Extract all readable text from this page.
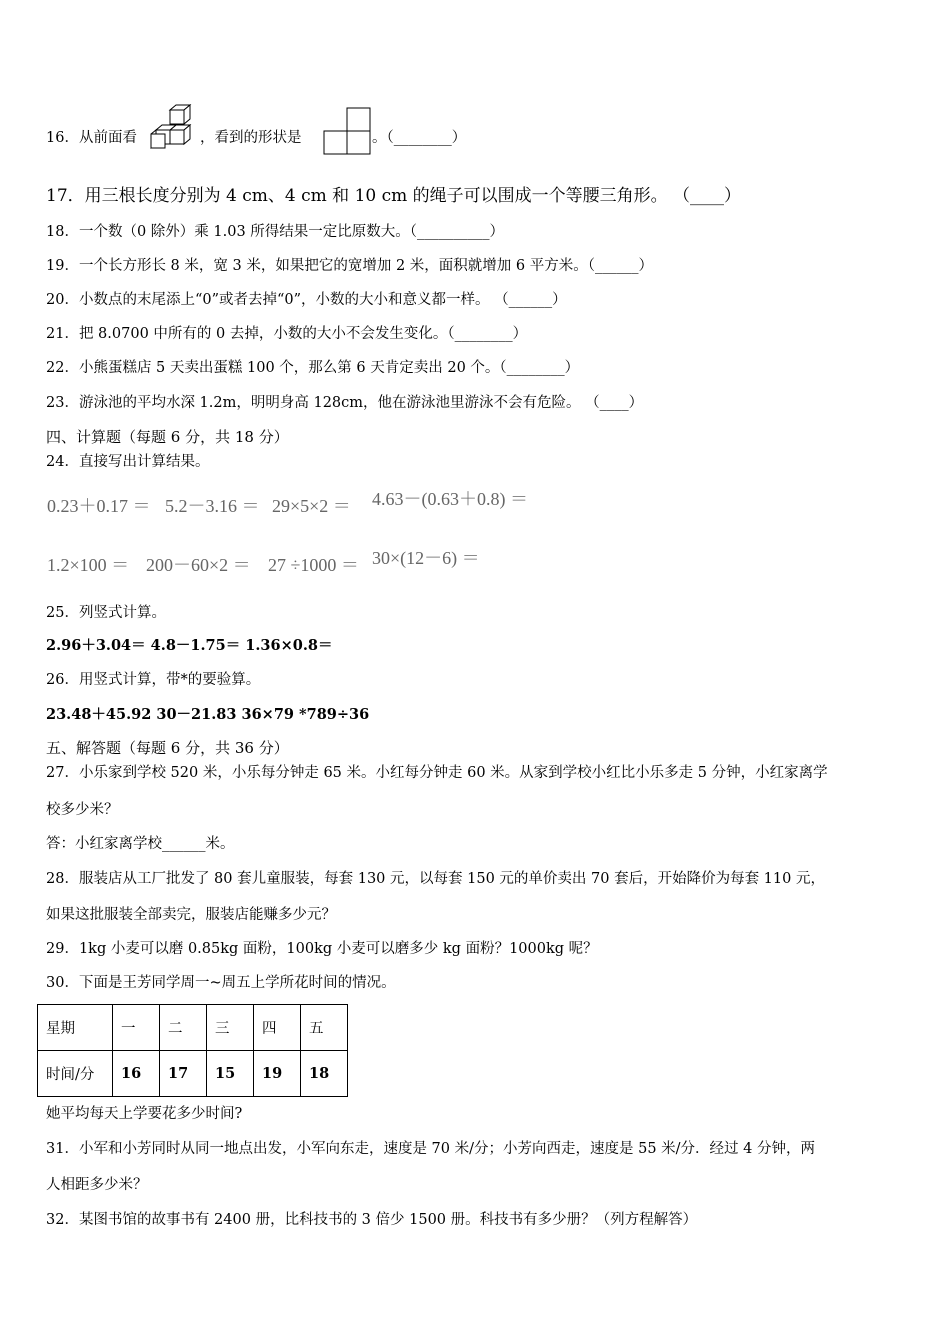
16．从前面看	，看到的形状是	。（________）
17．用三根长度分别为 4 cm、4 cm 和 10 cm 的绳子可以围成一个等腰三角形。 （____）
18．一个数（0 除外）乘 1.03 所得结果一定比原数大。（__________）
19．一个长方形长 8 米，宽 3 米，如果把它的宽增加 2 米，面积就增加 6 平方米。（______）
20．小数点的末尾添上“0”或者去掉“0”，小数的大小和意义都一样。 （______）
21．把 8.0700 中所有的 0 去掉，小数的大小不会发生变化。（________）
22．小熊蛋糕店 5 天卖出蛋糕 100 个，那么第 6 天肯定卖出 20 个。（________）
23．游泳池的平均水深 1.2m，明明身高 128cm，他在游泳池里游泳不会有危险。 （____）
四、计算题（每题 6 分，共 18 分）
24．直接写出计算结果。
0.23＋0.17 ＝ 5.2－3.16 ＝ 29×5×2 ＝ 4.63－(0.63＋0.8) ＝
1.2×100 ＝ 200－60×2 ＝ 27 ÷1000 ＝ 30×(12－6) ＝
25．列竖式计算。
2.96＋3.04＝ 4.8－1.75＝ 1.36×0.8＝
26．用竖式计算，带*的要验算。
23.48＋45.92 30－21.83 36×79 *789÷36
五、解答题（每题 6 分，共 36 分）
27．小乐家到学校 520 米，小乐每分钟走 65 米。小红每分钟走 60 米。从家到学校小红比小乐多走 5 分钟，小红家离学
校多少米？
答：小红家离学校______米。
28．服装店从工厂批发了 80 套儿童服装，每套 130 元，以每套 150 元的单价卖出 70 套后，开始降价为每套 110 元，
如果这批服装全部卖完，服装店能赚多少元？
29．1kg 小麦可以磨 0.85kg 面粉，100kg 小麦可以磨多少 kg 面粉？1000kg 呢？
30．下面是王芳同学周一~周五上学所花时间的情况。
星期	一	二	三	四	五
时间/分	16	17	15	19	18
她平均每天上学要花多少时间?
31．小军和小芳同时从同一地点出发，小军向东走，速度是 70 米/分；小芳向西走，速度是 55 米/分．经过 4 分钟，两
人相距多少米？
32．某图书馆的故事书有 2400 册，比科技书的 3 倍少 1500 册。科技书有多少册？（列方程解答）
